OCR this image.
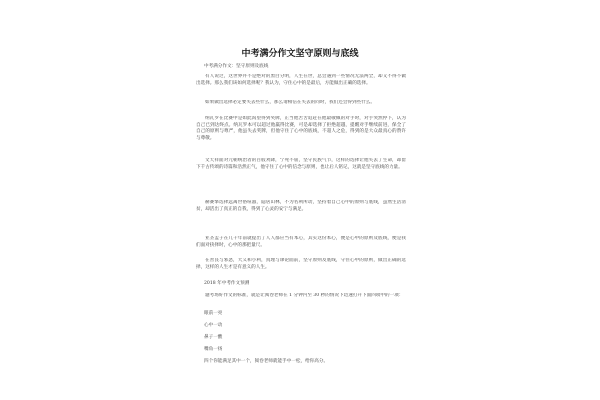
中考满分作文坚守原则与底线
中考满分作文：坚守原则及底线
有人说过，这世界并不是绝对的黑白分明，人生在世，总会遇到一些情况无法两全，却又不得不做出选择。那么我们该如何选择呢？我认为，守住心中的是最后，方能做出正确的选择。
如果做出选择必定要失去些什么，那么请相信在失去的同时，我们还会得到些什么。
纳瓦罗在比赛中是如此渴望得到奖牌，正当他苦苦追赶在他最敬佩的对手时，对手突然停下，认为自己已到达终点。纳瓦罗本可以超过他赢得比赛，可是却选择了拒绝超越，提醒对手继续前进，保全了自己的原则与尊严，他虽失去奖牌，但他守住了心中的底线，不超人之危，得到的是大众最真心的赞许与尊敬。
文天祥面对元朝统治者的百般劝降，宁死不屈，坚守民族气节，这样的选择让他失去了生命，却留下千古传颂的诗篇和浩然正气，他守住了心中的信念与原则，也让后人铭记，这就是坚守底线的力量。
赫赛擎选择远离世俗喧嚣，隐居山林，不为名利所动，坚持着自己心中的原则与底线，虽然生活清贫，却活出了真正的自我，得到了心灵的安宁与满足。
亚圣孟子在几千年前就提出了人人都应当有本心，其实这份本心，便是心中的原则及底线，便是我们面对抉择时，心中的那把量尺。
在善良与邪恶，大义和小利，真理与谬论面前，坚守原则及底线，守住心中的原则，做出正确的选择，这样的人生才是有意义的人生。
2018 年中考作文预测
题考场好作文的标准，就是让阅卷老师在 1 分钟内至 30 秒的情况下迅速打开下面四项中的一项：
眼前一亮
心中一动
鼻子一酸
嘴角一扬
四个你能满足其中一个，阅卷老师就能手中一松，给你高分。
